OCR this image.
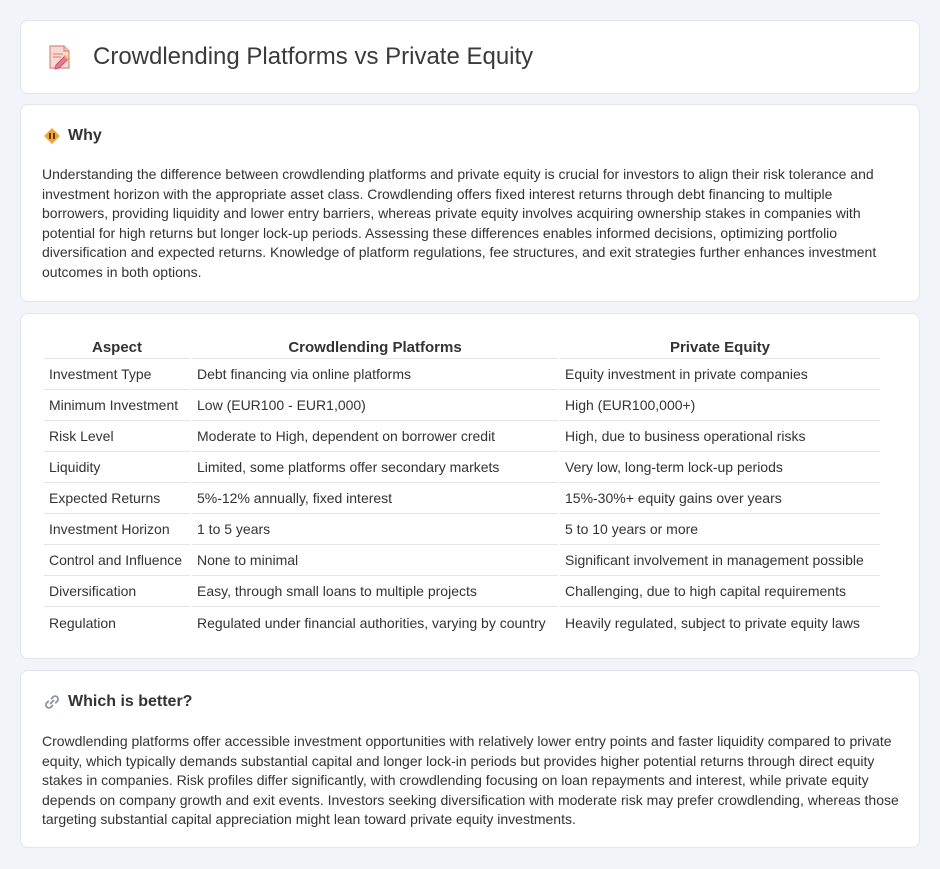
Crowdlending Platforms vs Private Equity
Why

Understanding the difference between crowdlending platforms and private equity is crucial for investors to align their risk tolerance and investment horizon with the appropriate asset class. Crowdlending offers fixed interest returns through debt financing to multiple borrowers, providing liquidity and lower entry barriers, whereas private equity involves acquiring ownership stakes in companies with potential for high returns but longer lock-up periods. Assessing these differences enables informed decisions, optimizing portfolio diversification and expected returns. Knowledge of platform regulations, fee structures, and exit strategies further enhances investment outcomes in both options.

Aspect	Crowdlending Platforms	Private Equity
Investment Type	Debt financing via online platforms	Equity investment in private companies
Minimum Investment	Low (EUR100 - EUR1,000)	High (EUR100,000+)
Risk Level	Moderate to High, dependent on borrower credit	High, due to business operational risks
Liquidity	Limited, some platforms offer secondary markets	Very low, long-term lock-up periods
Expected Returns	5%-12% annually, fixed interest	15%-30%+ equity gains over years
Investment Horizon	1 to 5 years	5 to 10 years or more
Control and Influence	None to minimal	Significant involvement in management possible
Diversification	Easy, through small loans to multiple projects	Challenging, due to high capital requirements
Regulation	Regulated under financial authorities, varying by country	Heavily regulated, subject to private equity laws
Which is better?

Crowdlending platforms offer accessible investment opportunities with relatively lower entry points and faster liquidity compared to private equity, which typically demands substantial capital and longer lock-in periods but provides higher potential returns through direct equity stakes in companies. Risk profiles differ significantly, with crowdlending focusing on loan repayments and interest, while private equity depends on company growth and exit events. Investors seeking diversification with moderate risk may prefer crowdlending, whereas those targeting substantial capital appreciation might lean toward private equity investments.
